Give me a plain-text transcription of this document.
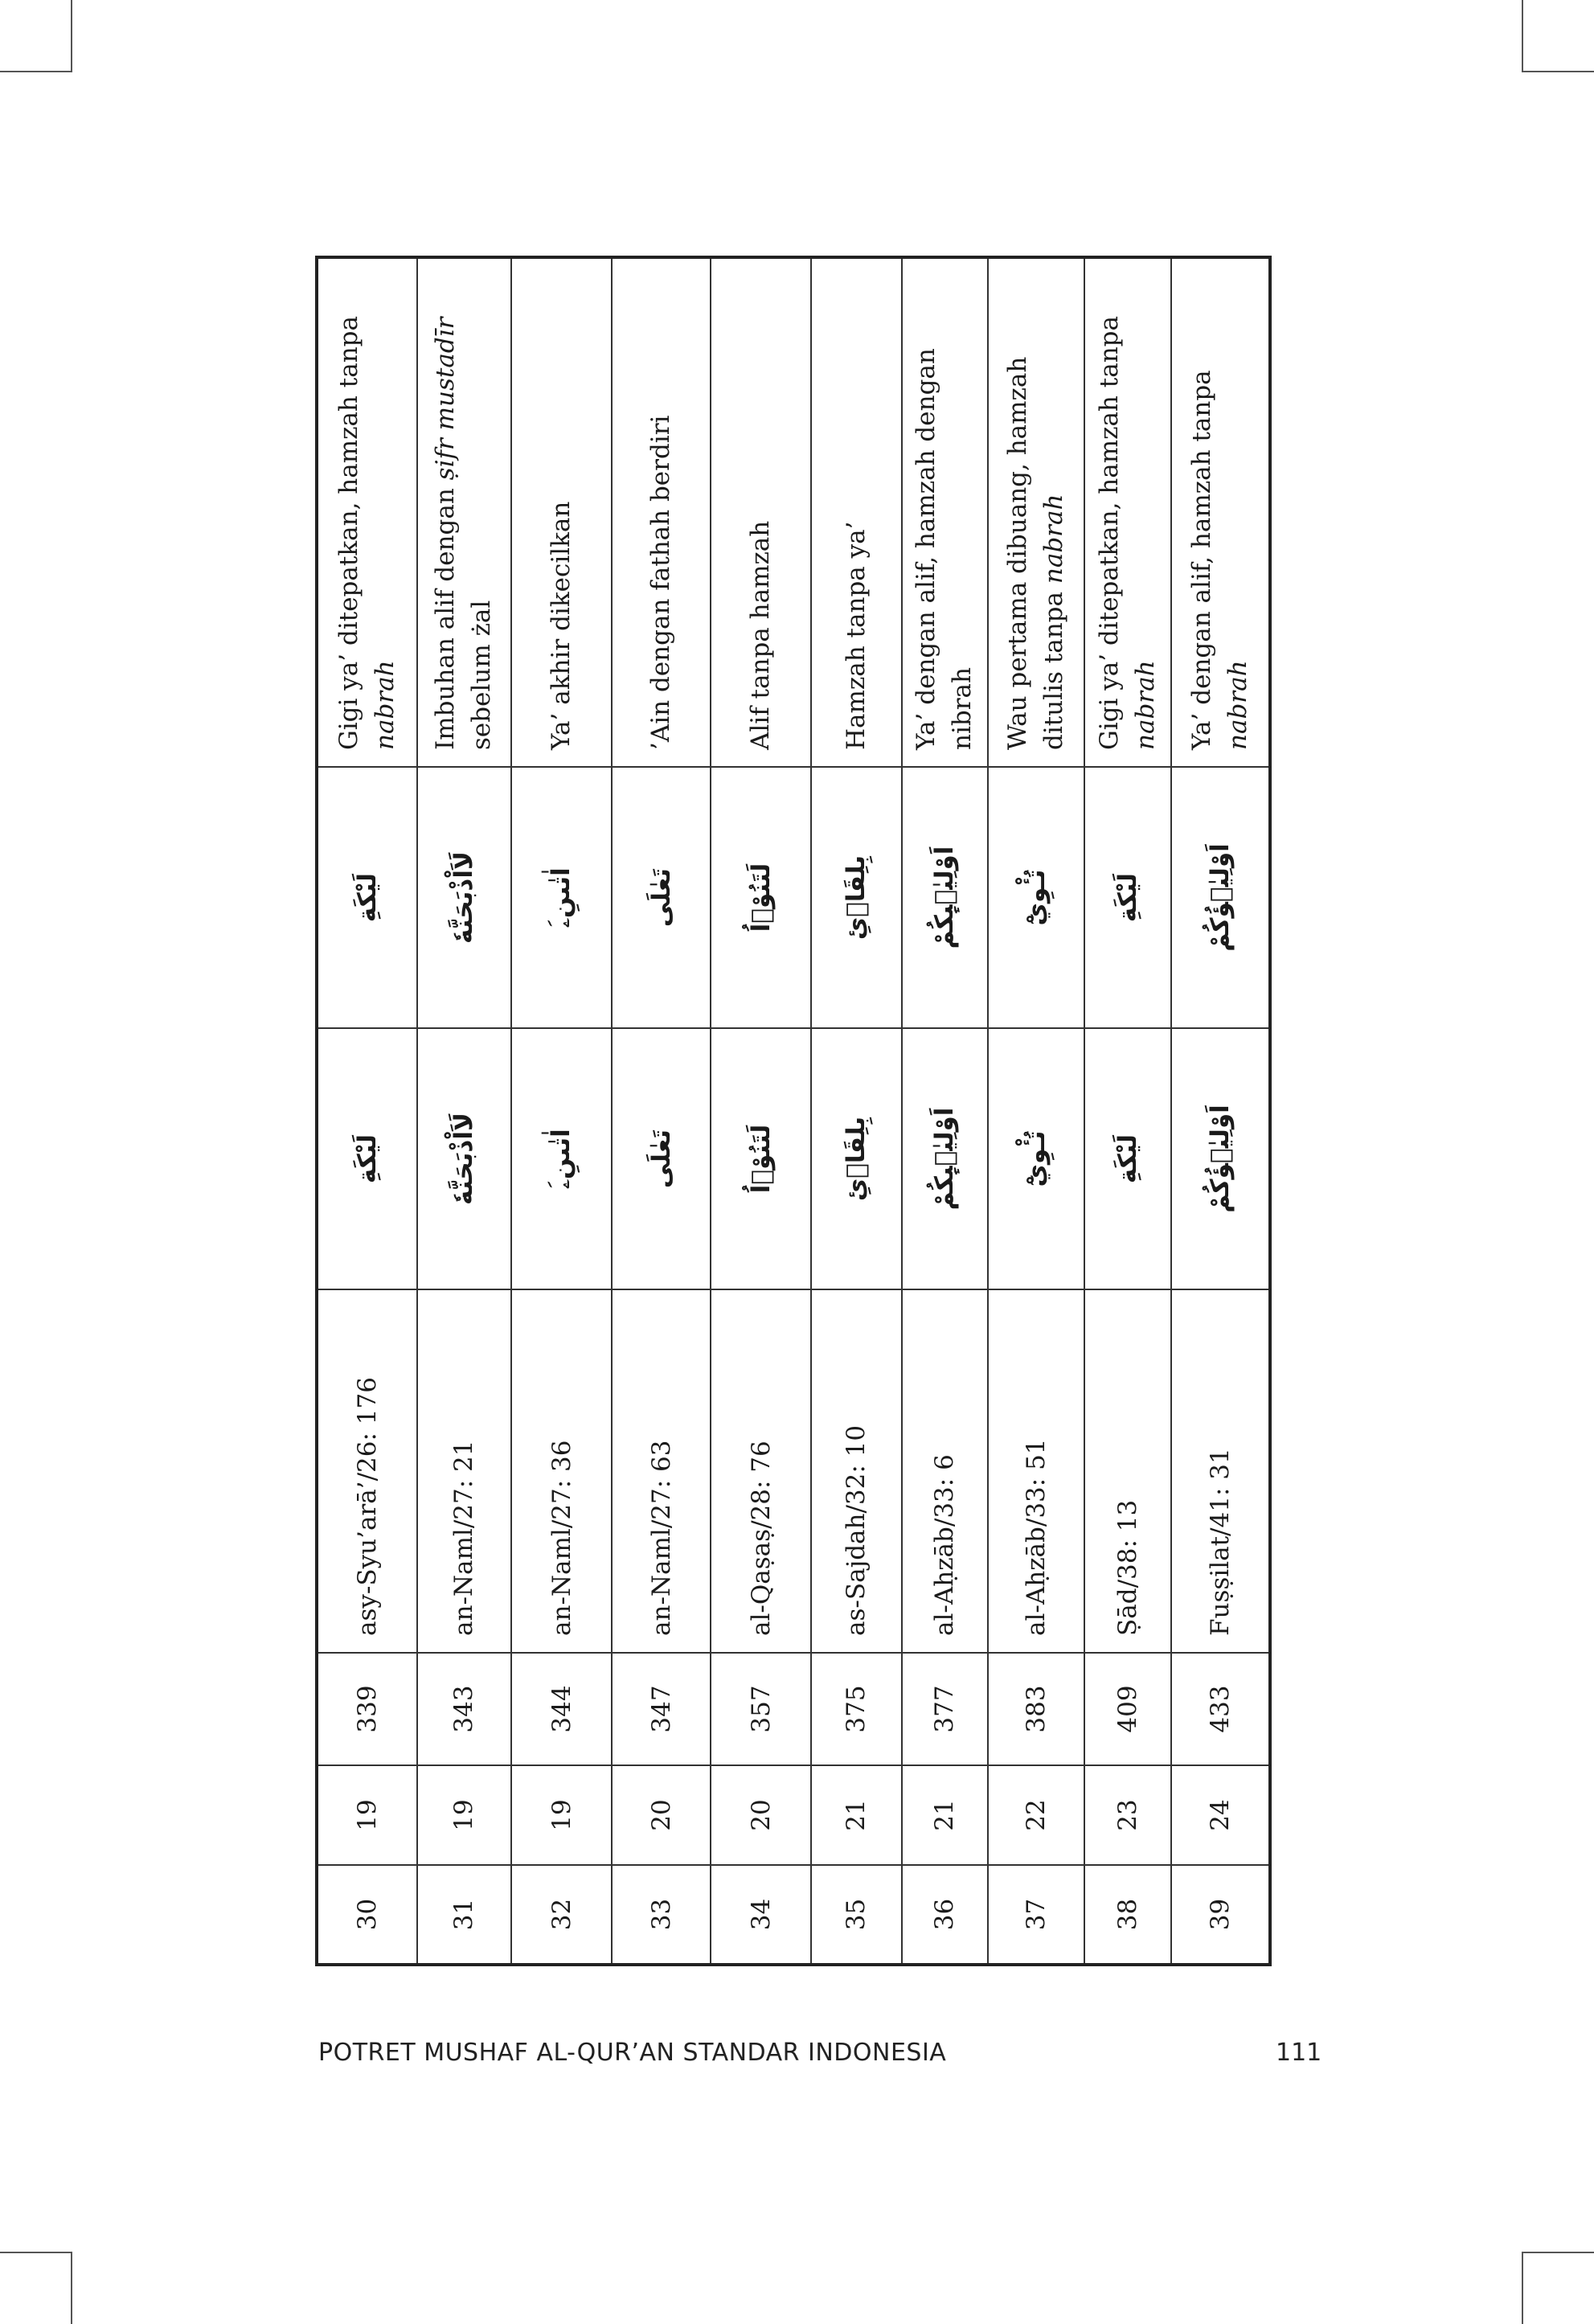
30	19	339	asy-Syu’arā’/26: 176	لَيْكَةِ	لَيْكَةِ	Gigi ya’ ditepatkan, hamzah tanpa nabrah
31	19	343	an-Naml/27: 21	لَاَاْذْبَحَنَّهٗ	لَاَاْذْبَحَنَّهٗ	Imbuhan alif dengan ṣifr mustadīr sebelum żal
32	19	344	an-Naml/27: 36	اٰتٰىنِۦَ	اٰتٰىنِۦَ	Ya’ akhir dikecilkan
33	20	347	an-Naml/27: 63	تَعٰلَى	تَعٰلَى	’Ain dengan fathah berdiri
34	20	357	al-Qaṣaṣ/28: 76	لَتَنُوْۤاُ	لَتَنُوْۤاُ	Alif tanpa hamzah
35	21	375	as-Sajdah/32: 10	بِلِقَاۤئِ	بِلِقَاۤئِ	Hamzah tanpa ya’
36	21	377	al-Aḥzāb/33: 6	اَوْلِيٰۤىِٕكُمْ	اَوْلِيٰۤىِٕكُمْ	Ya’ dengan alif, hamzah dengan nibrah
37	22	383	al-Aḥzāb/33: 51	تُـْٔوِيْٓ	تُـْٔوِيْٓ	Wau pertama dibuang, hamzah ditulis tanpa nabrah
38	23	409	Ṣād/38: 13	لَيْكَةِ	لَيْكَةِ	Gigi ya’ ditepatkan, hamzah tanpa nabrah
39	24	433	Fuṣṣilat/41: 31	اَوْلِيٰۤؤُكُمْ	اَوْلِيٰۤؤُكُمْ	Ya’ dengan alif, hamzah tanpa nabrah
POTRET MUSHAF AL-QUR’AN STANDAR INDONESIA	111
